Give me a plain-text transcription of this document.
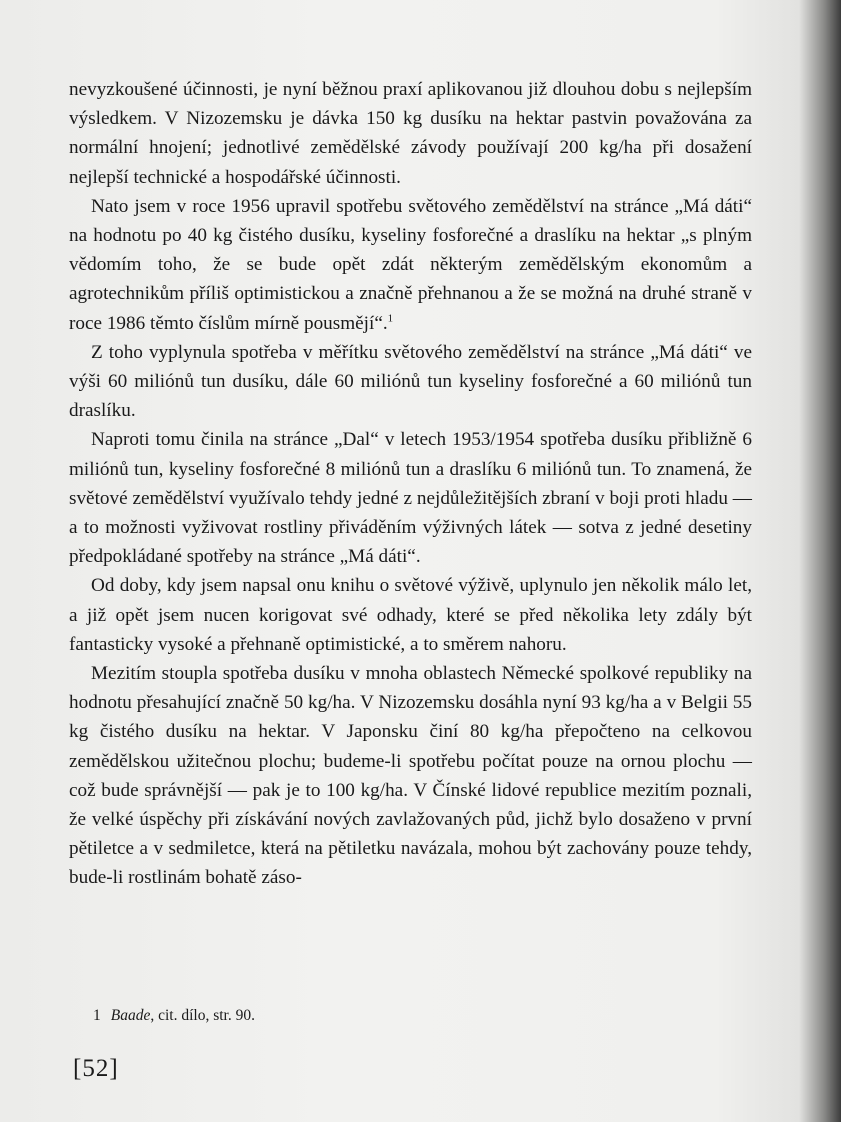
nevyzkoušené účinnosti, je nyní běžnou praxí aplikovanou již dlouhou dobu s nejlepším výsledkem. V Nizozemsku je dávka 150 kg dusíku na hektar pastvin považována za normální hnojení; jednotlivé zemědělské závody používají 200 kg/ha při dosažení nejlepší technické a hospodářské účinnosti.

Nato jsem v roce 1956 upravil spotřebu světového zemědělství na stránce „Má dáti“ na hodnotu po 40 kg čistého dusíku, kyseliny fosforečné a draslíku na hektar „s plným vědomím toho, že se bude opět zdát některým zemědělským ekonomům a agrotechnikům příliš optimistickou a značně přehnanou a že se možná na druhé straně v roce 1986 těmto číslům mírně pousmějí“.$^1$

Z toho vyplynula spotřeba v měřítku světového zemědělství na stránce „Má dáti“ ve výši 60 miliónů tun dusíku, dále 60 miliónů tun kyseliny fosforečné a 60 miliónů tun draslíku.

Naproti tomu činila na stránce „Dal“ v letech 1953/1954 spotřeba dusíku přibližně 6 miliónů tun, kyseliny fosforečné 8 miliónů tun a draslíku 6 miliónů tun. To znamená, že světové zemědělství využívalo tehdy jedné z nejdůležitějších zbraní v boji proti hladu — a to možnosti vyživovat rostliny přiváděním výživných látek — sotva z jedné desetiny předpokládané spotřeby na stránce „Má dáti“.

Od doby, kdy jsem napsal onu knihu o světové výživě, uplynulo jen několik málo let, a již opět jsem nucen korigovat své odhady, které se před několika lety zdály být fantasticky vysoké a přehnaně optimistické, a to směrem nahoru.

Mezitím stoupla spotřeba dusíku v mnoha oblastech Německé spolkové republiky na hodnotu přesahující značně 50 kg/ha. V Nizozemsku dosáhla nyní 93 kg/ha a v Belgii 55 kg čistého dusíku na hektar. V Japonsku činí 80 kg/ha přepočteno na celkovou zemědělskou užitečnou plochu; budeme-li spotřebu počítat pouze na ornou plochu — což bude správnější — pak je to 100 kg/ha. V Čínské lidové republice mezitím poznali, že velké úspěchy při získávání nových zavlažovaných půd, jichž bylo dosaženo v první pětiletce a v sedmiletce, která na pětiletku navázala, mohou být zachovány pouze tehdy, bude-li rostlinám bohatě záso-

1 Baade, cit. dílo, str. 90.
[52]
